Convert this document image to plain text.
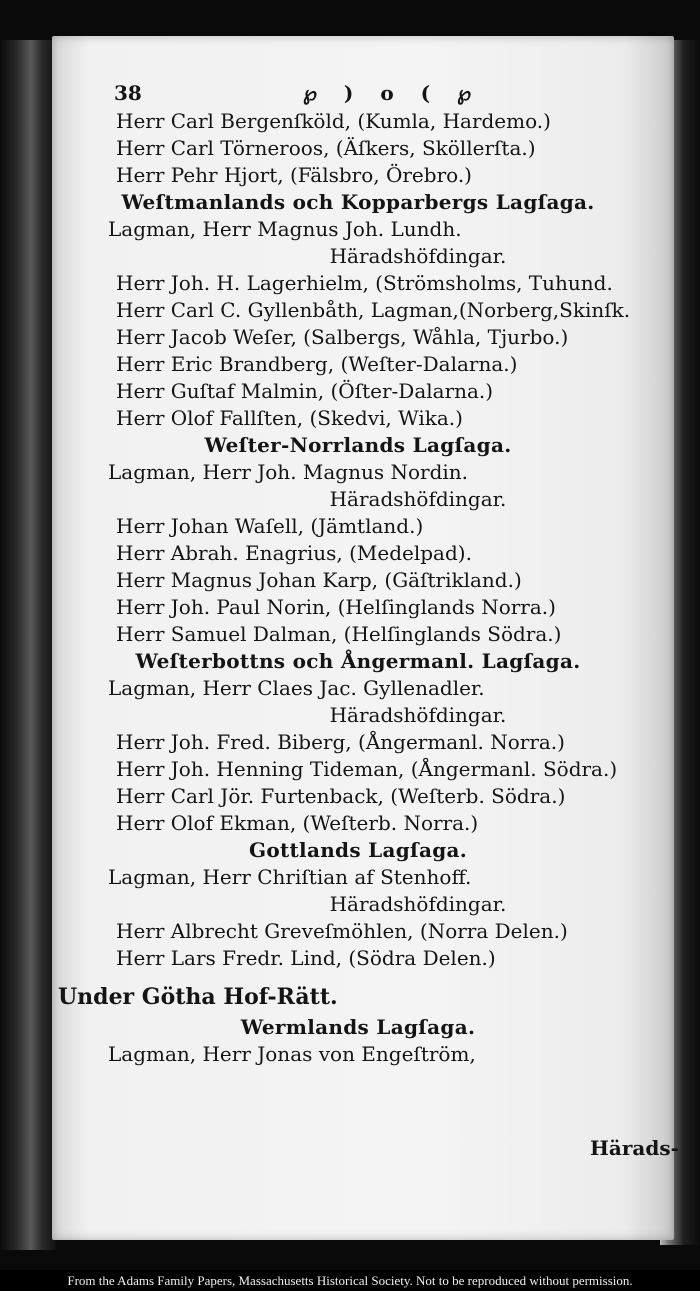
38	℘ ) o ( ℘
Herr Carl Bergenſköld, (Kumla, Hardemo.)
Herr Carl Törneroos, (Äſkers, Sköllerſta.)
Herr Pehr Hjort, (Fälsbro, Örebro.)
Weſtmanlands och Kopparbergs Lagſaga.
Lagman, Herr Magnus Joh. Lundh.
Häradshöfdingar.
Herr Joh. H. Lagerhielm, (Strömsholms, Tuhund.
Herr Carl C. Gyllenbåth, Lagman,(Norberg,Skinſk.
Herr Jacob Weſer, (Salbergs, Wåhla, Tjurbo.)
Herr Eric Brandberg, (Weſter-Dalarna.)
Herr Guſtaf Malmin, (Öſter-Dalarna.)
Herr Olof Fallſten, (Skedvi, Wika.)
Weſter-Norrlands Lagſaga.
Lagman, Herr Joh. Magnus Nordin.
Häradshöfdingar.
Herr Johan Waſell, (Jämtland.)
Herr Abrah. Enagrius, (Medelpad).
Herr Magnus Johan Karp, (Gäſtrikland.)
Herr Joh. Paul Norin, (Helſinglands Norra.)
Herr Samuel Dalman, (Helſinglands Södra.)
Weſterbottns och Ångermanl. Lagſaga.
Lagman, Herr Claes Jac. Gyllenadler.
Häradshöfdingar.
Herr Joh. Fred. Biberg, (Ångermanl. Norra.)
Herr Joh. Henning Tideman, (Ångermanl. Södra.)
Herr Carl Jör. Furtenback, (Weſterb. Södra.)
Herr Olof Ekman, (Weſterb. Norra.)
Gottlands Lagſaga.
Lagman, Herr Chriſtian af Stenhoff.
Häradshöfdingar.
Herr Albrecht Greveſmöhlen, (Norra Delen.)
Herr Lars Fredr. Lind, (Södra Delen.)
Under Götha Hof-Rätt.
Wermlands Lagſaga.
Lagman, Herr Jonas von Engeſtröm,
Härads-
From the Adams Family Papers, Massachusetts Historical Society. Not to be reproduced without permission.
